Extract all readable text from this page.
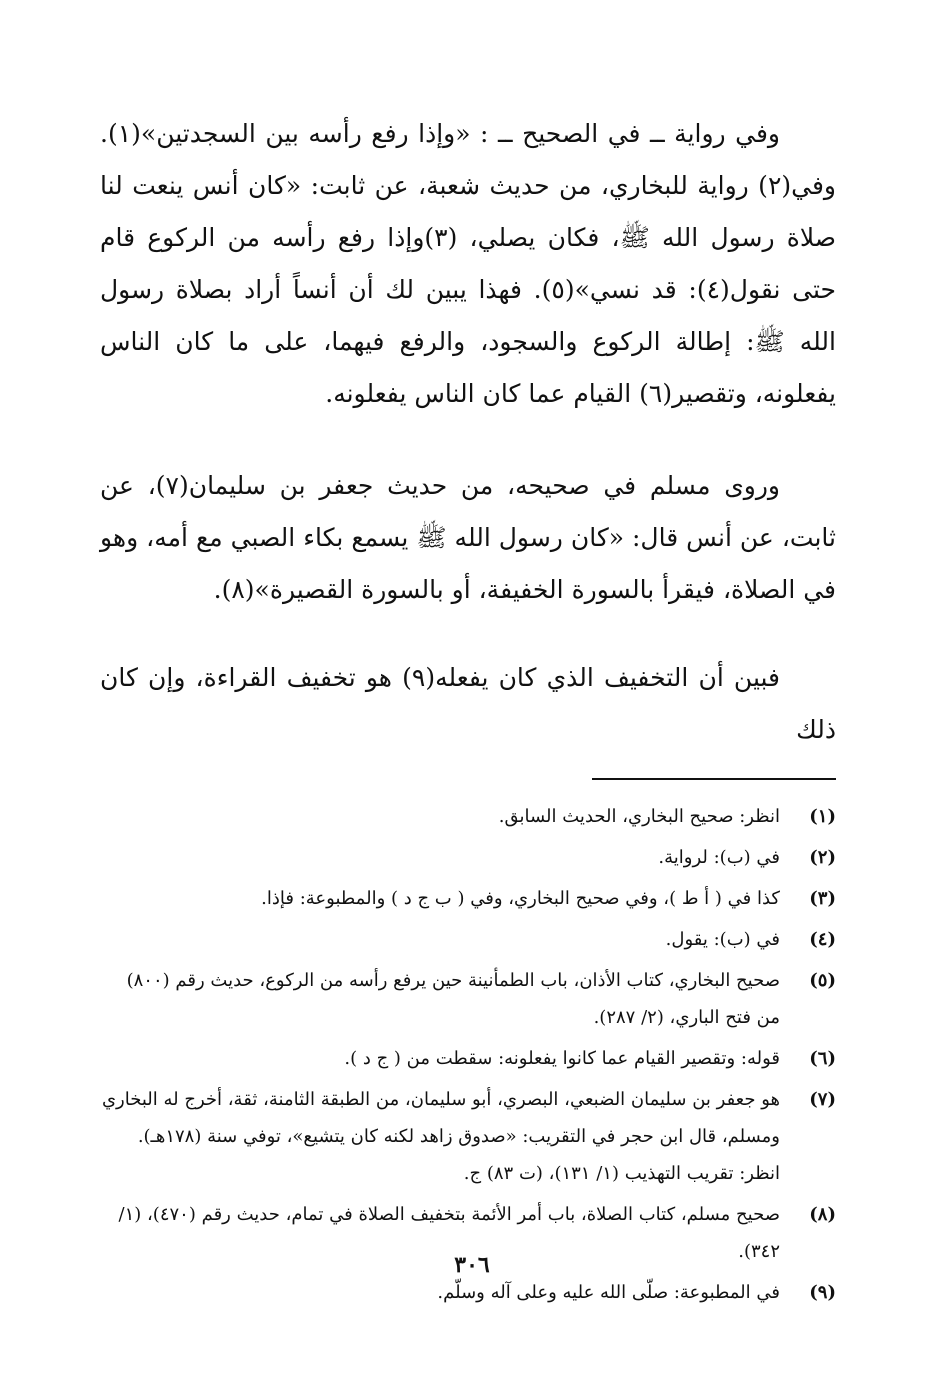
وفي رواية ــ في الصحيح ــ : «وإذا رفع رأسه بين السجدتين»(١). وفي(٢) رواية للبخاري، من حديث شعبة، عن ثابت: «كان أنس ينعت لنا صلاة رسول الله ﷺ، فكان يصلي، (٣)وإذا رفع رأسه من الركوع قام حتى نقول(٤): قد نسي»(٥). فهذا يبين لك أن أنساً أراد بصلاة رسول الله ﷺ: إطالة الركوع والسجود، والرفع فيهما، على ما كان الناس يفعلونه، وتقصير(٦) القيام عما كان الناس يفعلونه.

وروى مسلم في صحيحه، من حديث جعفر بن سليمان(٧)، عن ثابت، عن أنس قال: «كان رسول الله ﷺ يسمع بكاء الصبي مع أمه، وهو في الصلاة، فيقرأ بالسورة الخفيفة، أو بالسورة القصيرة»(٨).

فبين أن التخفيف الذي كان يفعله(٩) هو تخفيف القراءة، وإن كان ذلك

(١)
انظر: صحيح البخاري، الحديث السابق.
(٢)
في (ب): لرواية.
(٣)
كذا في ( أ ط )، وفي صحيح البخاري، وفي ( ب ج د ) والمطبوعة: فإذا.
(٤)
في (ب): يقول.
(٥)
صحيح البخاري، كتاب الأذان، باب الطمأنينة حين يرفع رأسه من الركوع، حديث رقم (٨٠٠) من فتح الباري، (٢/ ٢٨٧).
(٦)
قوله: وتقصير القيام عما كانوا يفعلونه: سقطت من ( ج د ).
(٧)
هو جعفر بن سليمان الضبعي، البصري، أبو سليمان، من الطبقة الثامنة، ثقة، أخرج له البخاري ومسلم، قال ابن حجر في التقريب: «صدوق زاهد لكنه كان يتشيع»، توفي سنة (١٧٨هـ). انظر: تقريب التهذيب (١/ ١٣١)، (ت ٨٣) ج.
(٨)
صحيح مسلم، كتاب الصلاة، باب أمر الأئمة بتخفيف الصلاة في تمام، حديث رقم (٤٧٠)، (١/ ٣٤٢).
(٩)
في المطبوعة: صلّى الله عليه وعلى آله وسلّم.
٣٠٦
